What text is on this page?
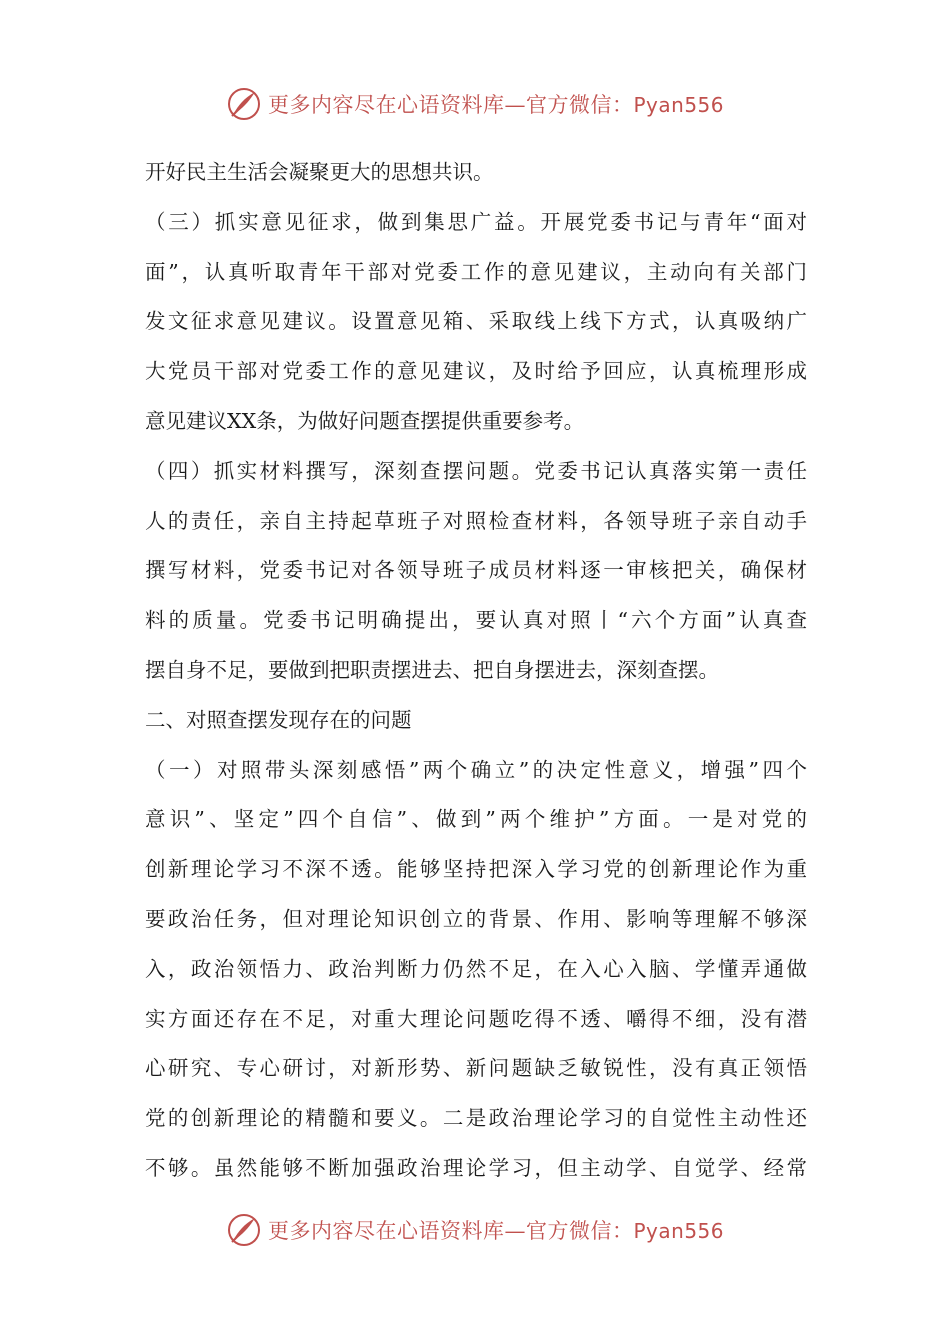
更多内容尽在心语资料库—官方微信：Pyan556
开好民主生活会凝聚更大的思想共识。
（三）抓实意见征求，做到集思广益。开展党委书记与青年“面对
面”，认真听取青年干部对党委工作的意见建议，主动向有关部门
发文征求意见建议。设置意见箱、采取线上线下方式，认真吸纳广
大党员干部对党委工作的意见建议，及时给予回应，认真梳理形成
意见建议XX条，为做好问题查摆提供重要参考。
（四）抓实材料撰写，深刻查摆问题。党委书记认真落实第一责任
人的责任，亲自主持起草班子对照检查材料，各领导班子亲自动手
撰写材料，党委书记对各领导班子成员材料逐一审核把关，确保材
料的质量。党委书记明确提出，要认真对照丨“六个方面”认真查
摆自身不足，要做到把职责摆进去、把自身摆进去，深刻查摆。
二、对照查摆发现存在的问题
（一）对照带头深刻感悟”两个确立”的决定性意义，增强”四个
意识”、坚定”四个自信”、做到”两个维护”方面。一是对党的
创新理论学习不深不透。能够坚持把深入学习党的创新理论作为重
要政治任务，但对理论知识创立的背景、作用、影响等理解不够深
入，政治领悟力、政治判断力仍然不足，在入心入脑、学懂弄通做
实方面还存在不足，对重大理论问题吃得不透、嚼得不细，没有潜
心研究、专心研讨，对新形势、新问题缺乏敏锐性，没有真正领悟
党的创新理论的精髓和要义。二是政治理论学习的自觉性主动性还
不够。虽然能够不断加强政治理论学习，但主动学、自觉学、经常
更多内容尽在心语资料库—官方微信：Pyan556
